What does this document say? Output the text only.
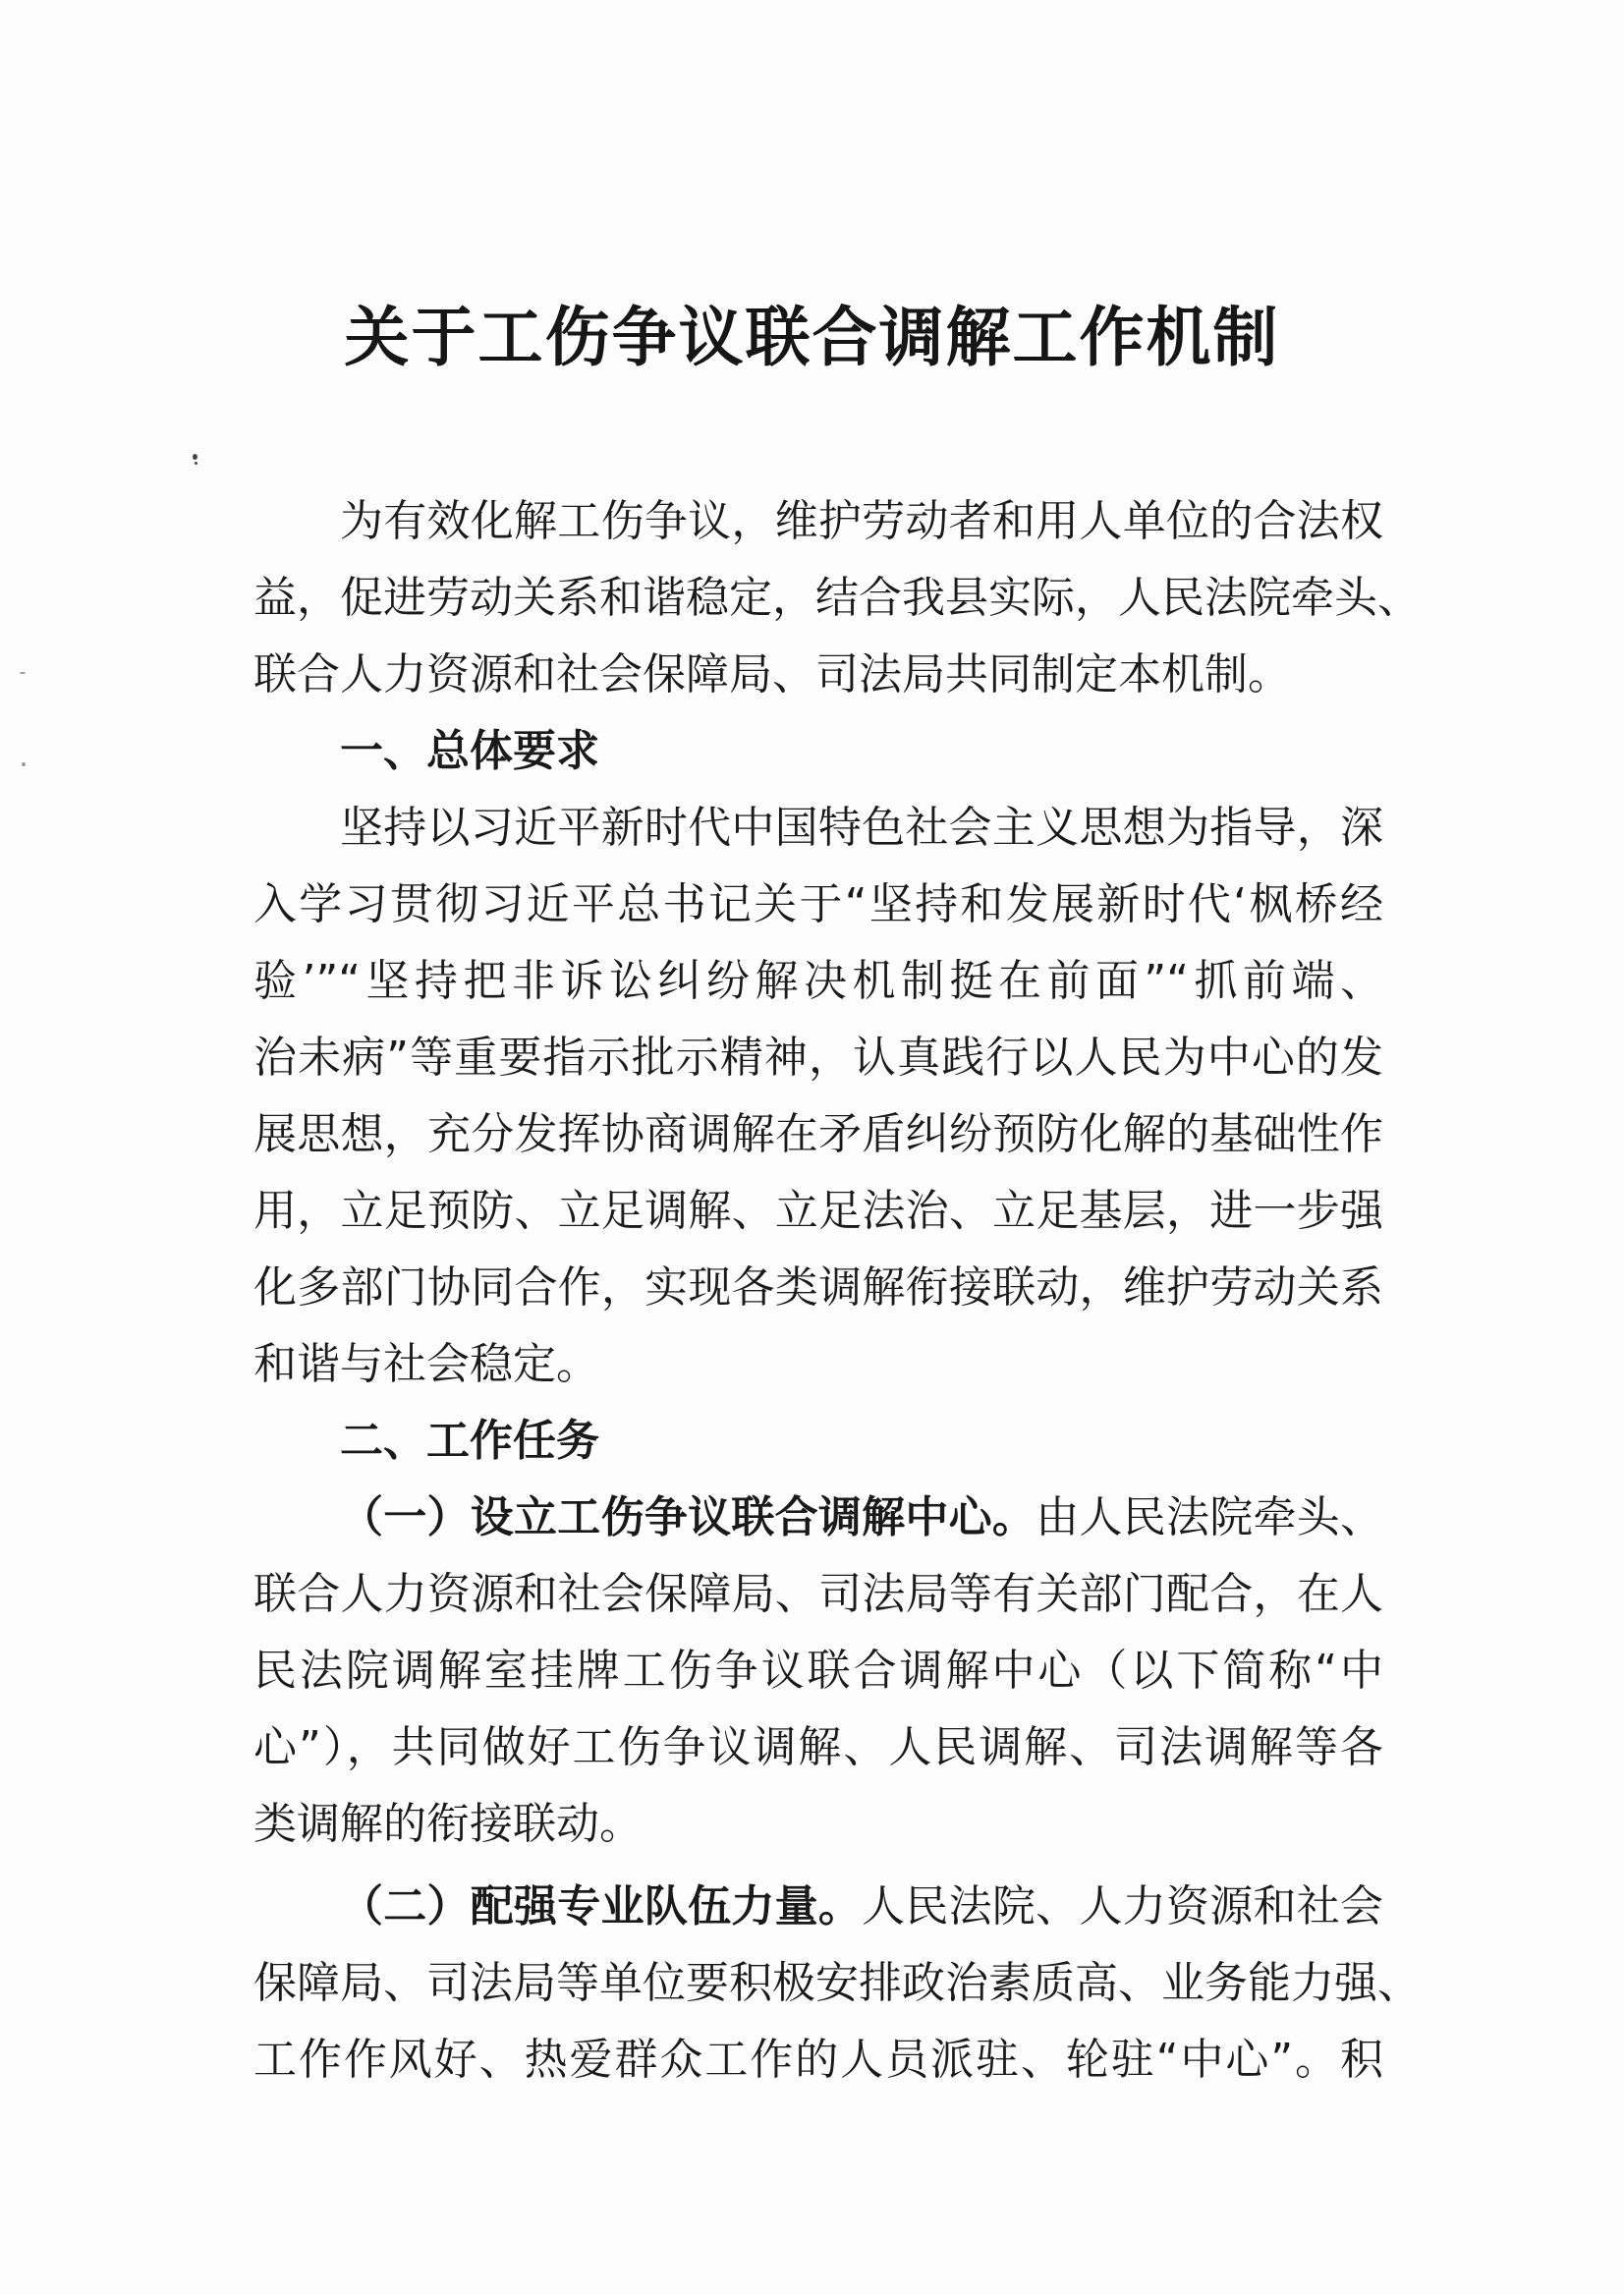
关于工伤争议联合调解工作机制
为有效化解工伤争议，维护劳动者和用人单位的合法权
益，促进劳动关系和谐稳定，结合我县实际，人民法院牵头、
联合人力资源和社会保障局、司法局共同制定本机制。
一、总体要求
坚持以习近平新时代中国特色社会主义思想为指导，深
入学习贯彻习近平总书记关于“坚持和发展新时代‘枫桥经
验’”“坚持把非诉讼纠纷解决机制挺在前面”“抓前端、
治未病”等重要指示批示精神，认真践行以人民为中心的发
展思想，充分发挥协商调解在矛盾纠纷预防化解的基础性作
用，立足预防、立足调解、立足法治、立足基层，进一步强
化多部门协同合作，实现各类调解衔接联动，维护劳动关系
和谐与社会稳定。
二、工作任务
（一）设立工伤争议联合调解中心。由人民法院牵头、
联合人力资源和社会保障局、司法局等有关部门配合，在人
民法院调解室挂牌工伤争议联合调解中心（以下简称“中
心”），共同做好工伤争议调解、人民调解、司法调解等各
类调解的衔接联动。
（二）配强专业队伍力量。人民法院、人力资源和社会
保障局、司法局等单位要积极安排政治素质高、业务能力强、
工作作风好、热爱群众工作的人员派驻、轮驻“中心”。积
